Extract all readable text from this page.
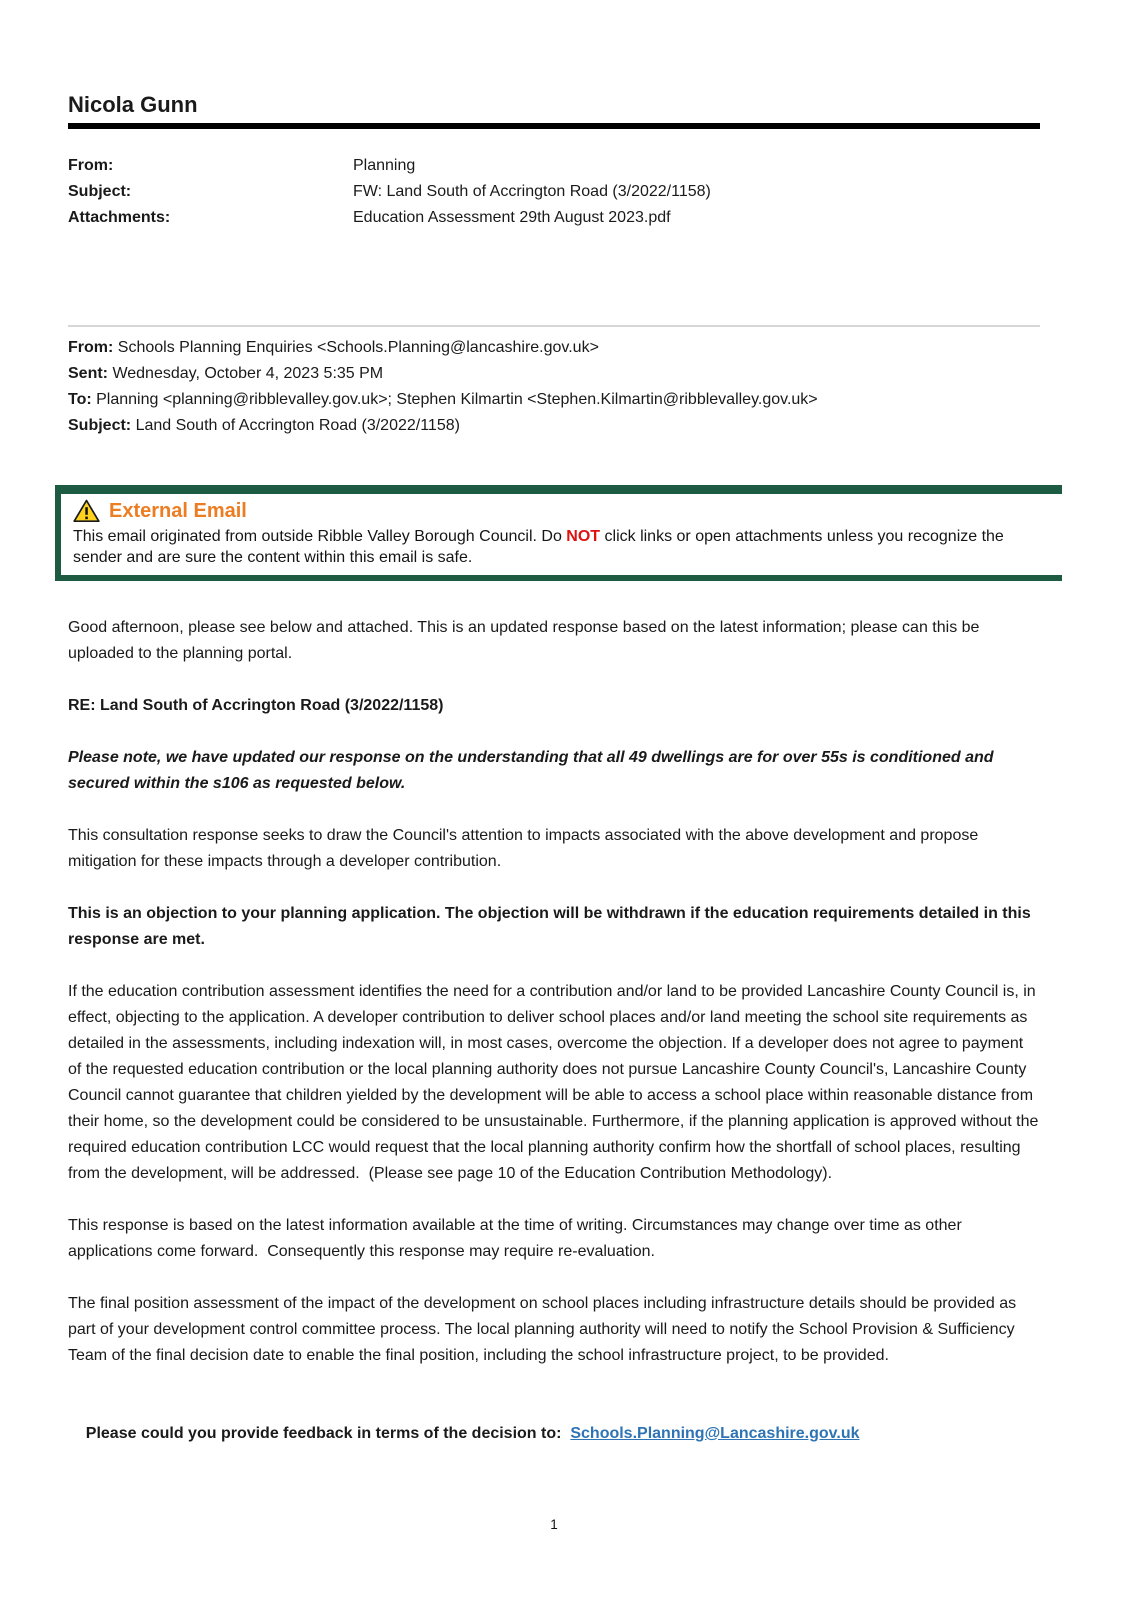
Nicola Gunn
From:	Planning
Subject:	FW: Land South of Accrington Road (3/2022/1158)
Attachments:	Education Assessment 29th August 2023.pdf
From: Schools Planning Enquiries <Schools.Planning@lancashire.gov.uk>
Sent: Wednesday, October 4, 2023 5:35 PM
To: Planning <planning@ribblevalley.gov.uk>; Stephen Kilmartin <Stephen.Kilmartin@ribblevalley.gov.uk>
Subject: Land South of Accrington Road (3/2022/1158)
External Email
This email originated from outside Ribble Valley Borough Council. Do NOT click links or open attachments unless you recognize the sender and are sure the content within this email is safe.
Good afternoon, please see below and attached. This is an updated response based on the latest information; please can this be uploaded to the planning portal.
RE: Land South of Accrington Road (3/2022/1158)
Please note, we have updated our response on the understanding that all 49 dwellings are for over 55s is conditioned and secured within the s106 as requested below.
This consultation response seeks to draw the Council's attention to impacts associated with the above development and propose mitigation for these impacts through a developer contribution.
This is an objection to your planning application. The objection will be withdrawn if the education requirements detailed in this response are met.
If the education contribution assessment identifies the need for a contribution and/or land to be provided Lancashire County Council is, in effect, objecting to the application. A developer contribution to deliver school places and/or land meeting the school site requirements as detailed in the assessments, including indexation will, in most cases, overcome the objection. If a developer does not agree to payment of the requested education contribution or the local planning authority does not pursue Lancashire County Council's, Lancashire County Council cannot guarantee that children yielded by the development will be able to access a school place within reasonable distance from their home, so the development could be considered to be unsustainable. Furthermore, if the planning application is approved without the required education contribution LCC would request that the local planning authority confirm how the shortfall of school places, resulting from the development, will be addressed.  (Please see page 10 of the Education Contribution Methodology).
This response is based on the latest information available at the time of writing. Circumstances may change over time as other applications come forward.  Consequently this response may require re-evaluation.
The final position assessment of the impact of the development on school places including infrastructure details should be provided as part of your development control committee process. The local planning authority will need to notify the School Provision & Sufficiency Team of the final decision date to enable the final position, including the school infrastructure project, to be provided.

Please could you provide feedback in terms of the decision to:  Schools.Planning@Lancashire.gov.uk

1
